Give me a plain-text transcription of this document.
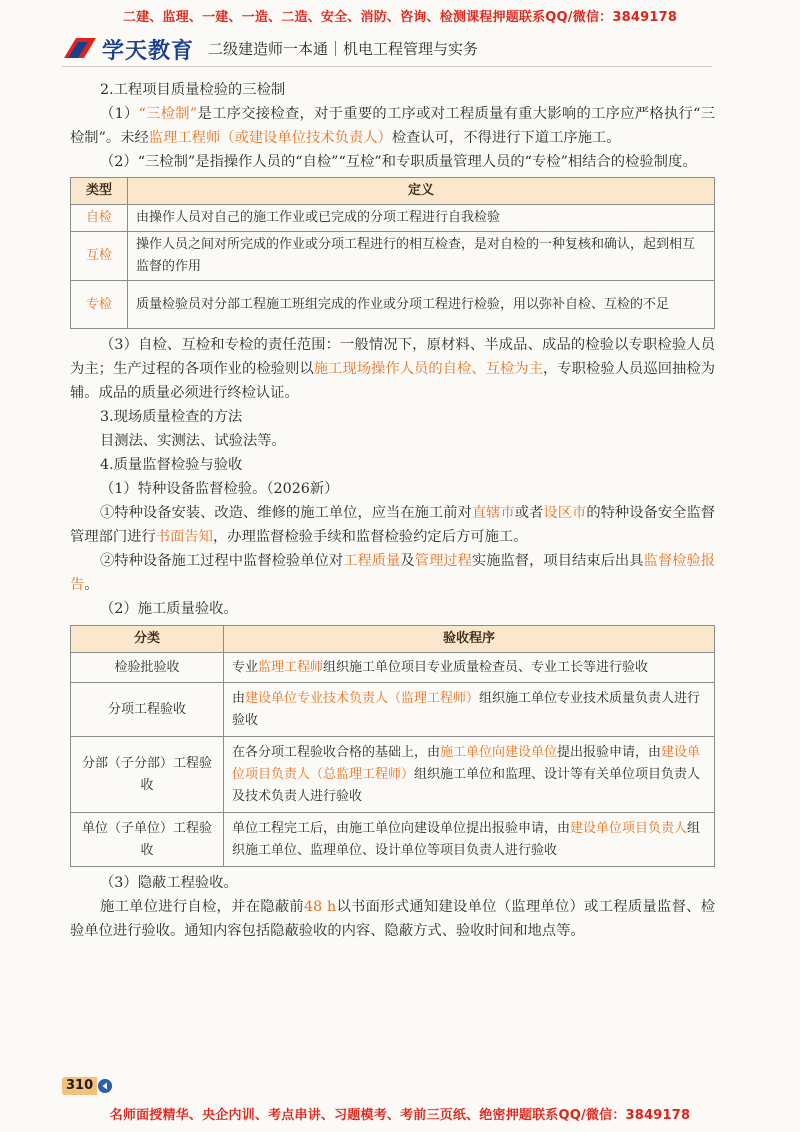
二建、监理、一建、一造、二造、安全、消防、咨询、检测课程押题联系QQ/微信：3849178
学天教育 二级建造师一本通｜机电工程管理与实务

2.工程项目质量检验的三检制

（1）“三检制”是工序交接检查，对于重要的工序或对工程质量有重大影响的工序应严格执行“三检制”。未经监理工程师（或建设单位技术负责人）检查认可，不得进行下道工序施工。

（2）“三检制”是指操作人员的“自检”“互检”和专职质量管理人员的“专检”相结合的检验制度。

类型	定义
自检	由操作人员对自己的施工作业或已完成的分项工程进行自我检验
互检	操作人员之间对所完成的作业或分项工程进行的相互检查，是对自检的一种复核和确认，起到相互监督的作用
专检	质量检验员对分部工程施工班组完成的作业或分项工程进行检验，用以弥补自检、互检的不足

（3）自检、互检和专检的责任范围：一般情况下，原材料、半成品、成品的检验以专职检验人员为主；生产过程的各项作业的检验则以施工现场操作人员的自检、互检为主，专职检验人员巡回抽检为辅。成品的质量必须进行终检认证。

3.现场质量检查的方法

目测法、实测法、试验法等。

4.质量监督检验与验收

（1）特种设备监督检验。（2026新）

①特种设备安装、改造、维修的施工单位，应当在施工前对直辖市或者设区市的特种设备安全监督管理部门进行书面告知，办理监督检验手续和监督检验约定后方可施工。

②特种设备施工过程中监督检验单位对工程质量及管理过程实施监督，项目结束后出具监督检验报告。

（2）施工质量验收。

分类	验收程序
检验批验收	专业监理工程师组织施工单位项目专业质量检查员、专业工长等进行验收
分项工程验收	由建设单位专业技术负责人（监理工程师）组织施工单位专业技术质量负责人进行验收
分部（子分部）工程验收	在各分项工程验收合格的基础上，由施工单位向建设单位提出报验申请，由建设单位项目负责人（总监理工程师）组织施工单位和监理、设计等有关单位项目负责人及技术负责人进行验收
单位（子单位）工程验收	单位工程完工后，由施工单位向建设单位提出报验申请，由建设单位项目负责人组织施工单位、监理单位、设计单位等项目负责人进行验收

（3）隐蔽工程验收。

施工单位进行自检，并在隐蔽前48 h以书面形式通知建设单位（监理单位）或工程质量监督、检验单位进行验收。通知内容包括隐蔽验收的内容、隐蔽方式、验收时间和地点等。

310
名师面授精华、央企内训、考点串讲、习题模考、考前三页纸、绝密押题联系QQ/微信：3849178
